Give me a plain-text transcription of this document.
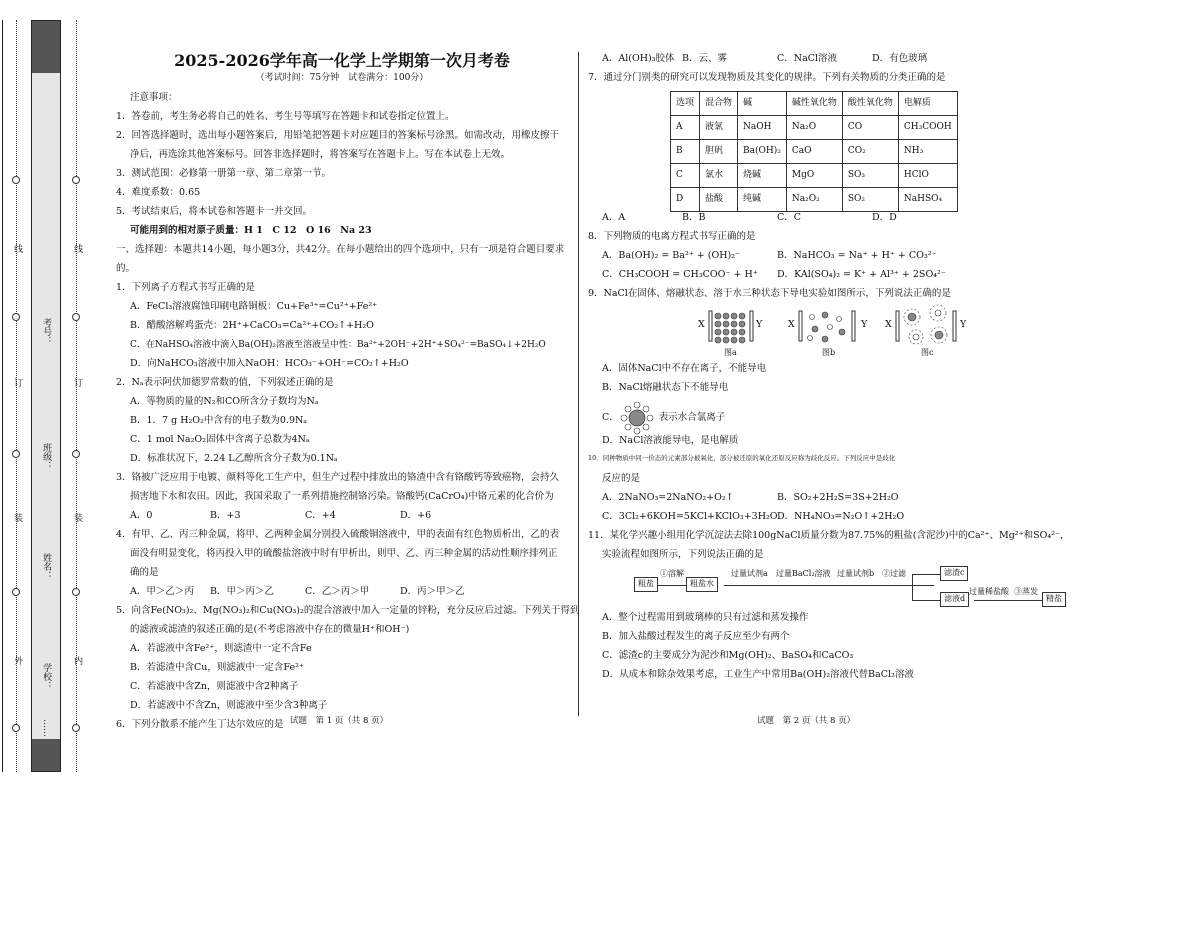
考号：
班级：
姓名：
学校：
……
线
订
装
外
线
订
装
内

2025-2026学年高一化学上学期第一次月考卷

（考试时间：75分钟　试卷满分：100分）

注意事项：

1．答卷前，考生务必将自己的姓名、考生号等填写在答题卡和试卷指定位置上。

2．回答选择题时，选出每小题答案后，用铅笔把答题卡对应题目的答案标号涂黑。如需改动，用橡皮擦干

净后，再选涂其他答案标号。回答非选择题时，将答案写在答题卡上。写在本试卷上无效。

3．测试范围：必修第一册第一章、第二章第一节。

4．难度系数：0.65

5．考试结束后，将本试卷和答题卡一并交回。

可能用到的相对原子质量：H 1　C 12　O 16　Na 23

一、选择题：本题共14小题，每小题3分，共42分。在每小题给出的四个选项中，只有一项是符合题目要求

的。

1．下列离子方程式书写正确的是

A．FeCl₃溶液腐蚀印刷电路铜板：Cu+Fe³⁺=Cu²⁺+Fe²⁺

B．醋酸溶解鸡蛋壳：2H⁺+CaCO₃=Ca²⁺+CO₂↑+H₂O

C．在NaHSO₄溶液中滴入Ba(OH)₂溶液至溶液呈中性：Ba²⁺+2OH⁻+2H⁺+SO₄²⁻=BaSO₄↓+2H₂O

D．向NaHCO₃溶液中加入NaOH：HCO₃⁻+OH⁻=CO₂↑+H₂O

2．Nₐ表示阿伏加德罗常数的值，下列叙述正确的是

A．等物质的量的N₂和CO所含分子数均为Nₐ

B．1．7 g H₂O₂中含有的电子数为0.9Nₐ

C．1 mol Na₂O₂固体中含离子总数为4Nₐ

D．标准状况下，2.24 L乙醇所含分子数为0.1Nₐ

3．铬被广泛应用于电镀、颜料等化工生产中，但生产过程中排放出的铬渣中含有铬酸钙等致癌物，会持久

损害地下水和农田。因此，我国采取了一系列措施控制铬污染。铬酸钙(CaCrO₄)中铬元素的化合价为

A．0	B．+3	C．+4	D．+6

4．有甲、乙、丙三种金属，将甲、乙两种金属分别投入硫酸铜溶液中，甲的表面有红色物质析出，乙的表

面没有明显变化，将丙投入甲的硫酸盐溶液中时有甲析出，则甲、乙、丙三种金属的活动性顺序排列正

确的是

A．甲＞乙＞丙 B．甲＞丙＞乙	C．乙＞丙＞甲	D．丙＞甲＞乙

5．向含Fe(NO₃)₂、Mg(NO₃)₂和Cu(NO₃)₂的混合溶液中加入一定量的锌粉，充分反应后过滤。下列关于得到

的滤液或滤渣的叙述正确的是(不考虑溶液中存在的微量H⁺和OH⁻)

A．若滤液中含Fe²⁺，则滤渣中一定不含Fe

B．若滤渣中含Cu，则滤液中一定含Fe²⁺

C．若滤液中含Zn，则滤液中含2种离子

D．若滤液中不含Zn，则滤液中至少含3种离子

6．下列分散系不能产生丁达尔效应的是 试题　第 1 页（共 8 页）

A．Al(OH)₃胶体 B．云、雾	C．NaCl溶液	D．有色玻璃

7．通过分门别类的研究可以发现物质及其变化的规律。下列有关物质的分类正确的是

选项	混合物	碱	碱性氧化物	酸性氧化物	电解质
A	液氯	NaOH	Na₂O	CO	CH₃COOH
B	胆矾	Ba(OH)₂	CaO	CO₂	NH₃
C	氯水	烧碱	MgO	SO₃	HClO
D	盐酸	纯碱	Na₂O₂	SO₂	NaHSO₄

A．A	B．B	C．C	D．D

8．下列物质的电离方程式书写正确的是

A．Ba(OH)₂ = Ba²⁺ + (OH)₂⁻	B．NaHCO₃ = Na⁺ + H⁺ + CO₃²⁻

C．CH₃COOH = CH₃COO⁻ + H⁺ D．KAl(SO₄)₂ = K⁺ + Al³⁺ + 2SO₄²⁻

9．NaCl在固体、熔融状态、溶于水三种状态下导电实验如图所示，下列说法正确的是

X	Y
图a
X	Y
图b
X	Y
图c

A．固体NaCl中不存在离子，不能导电

B．NaCl熔融状态下不能导电

C．	表示水合氯离子

D．NaCl溶液能导电，是电解质

10．同种物质中同一价态的元素部分被氧化，部分被还原的氧化还原反应称为歧化反应。下列反应中是歧化

反应的是

A．2NaNO₃=2NaNO₂+O₂↑	B．SO₂+2H₂S=3S+2H₂O

C．3Cl₂+6KOH=5KCl+KClO₃+3H₂OD．NH₄NO₃=N₂O↑+2H₂O

11．某化学兴趣小组用化学沉淀法去除100gNaCl质量分数为87.75%的粗盐(含泥沙)中的Ca²⁺、Mg²⁺和SO₄²⁻，

实验流程如图所示，下列说法正确的是

粗盐
①溶解
粗盐水
过量试剂a 过量BaCl₂溶液 过量试剂b ②过滤	滤渣c
滤液d
过量稀盐酸 ③蒸发
精盐

A．整个过程需用到玻璃棒的只有过滤和蒸发操作

B．加入盐酸过程发生的离子反应至少有两个

C．滤渣c的主要成分为泥沙和Mg(OH)₂、BaSO₄和CaCO₃

D．从成本和除杂效果考虑，工业生产中常用Ba(OH)₂溶液代替BaCl₂溶液

试题　第 2 页（共 8 页）
